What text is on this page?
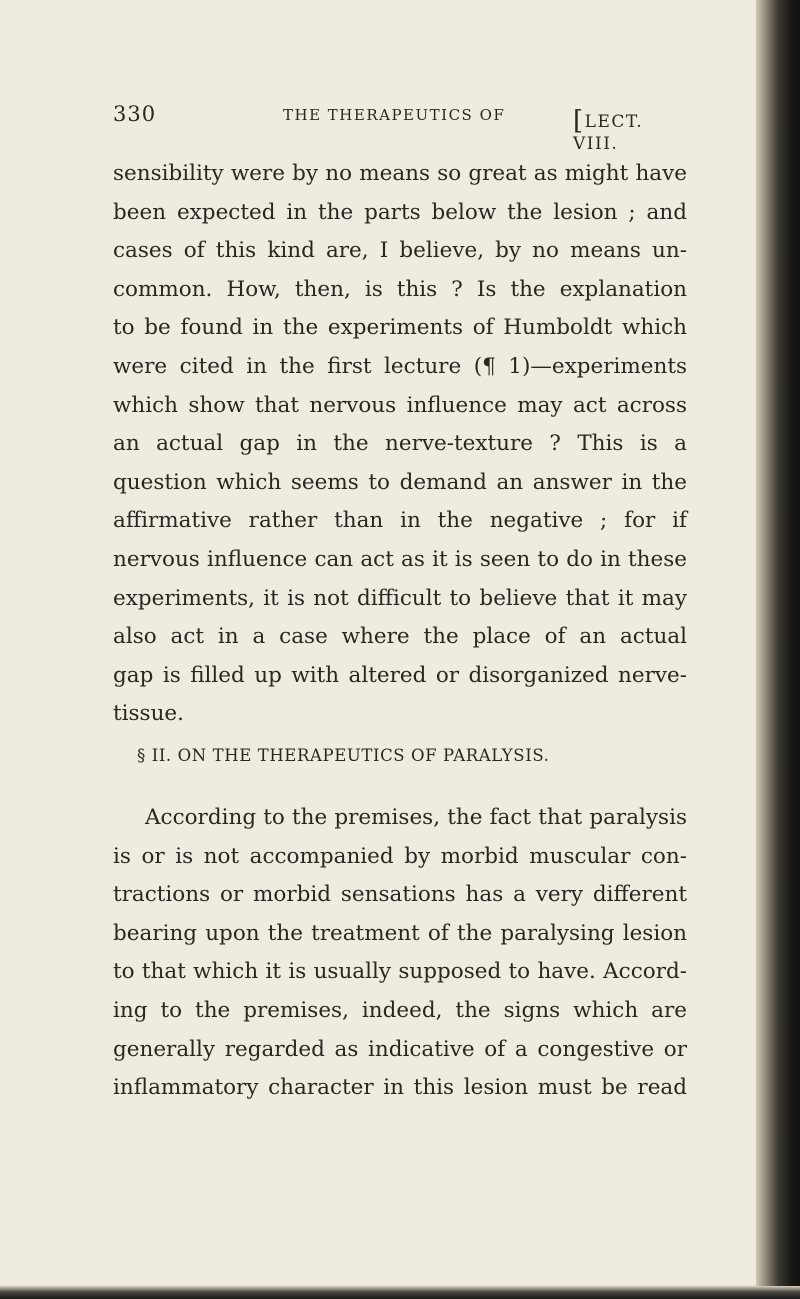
330	THE THERAPEUTICS OF	[LECT. VIII.
sensibility were by no means so great as might have
been expected in the parts below the lesion ; and
cases of this kind are, I believe, by no means un-
common. How, then, is this ? Is the explanation
to be found in the experiments of Humboldt which
were cited in the first lecture (¶ 1)—experiments
which show that nervous influence may act across
an actual gap in the nerve-texture ? This is a
question which seems to demand an answer in the
affirmative rather than in the negative ; for if
nervous influence can act as it is seen to do in these
experiments, it is not difficult to believe that it may
also act in a case where the place of an actual
gap is filled up with altered or disorganized nerve-
tissue.
§ II. ON THE THERAPEUTICS OF PARALYSIS.
According to the premises, the fact that paralysis
is or is not accompanied by morbid muscular con-
tractions or morbid sensations has a very different
bearing upon the treatment of the paralysing lesion
to that which it is usually supposed to have. Accord-
ing to the premises, indeed, the signs which are
generally regarded as indicative of a congestive or
inflammatory character in this lesion must be read
